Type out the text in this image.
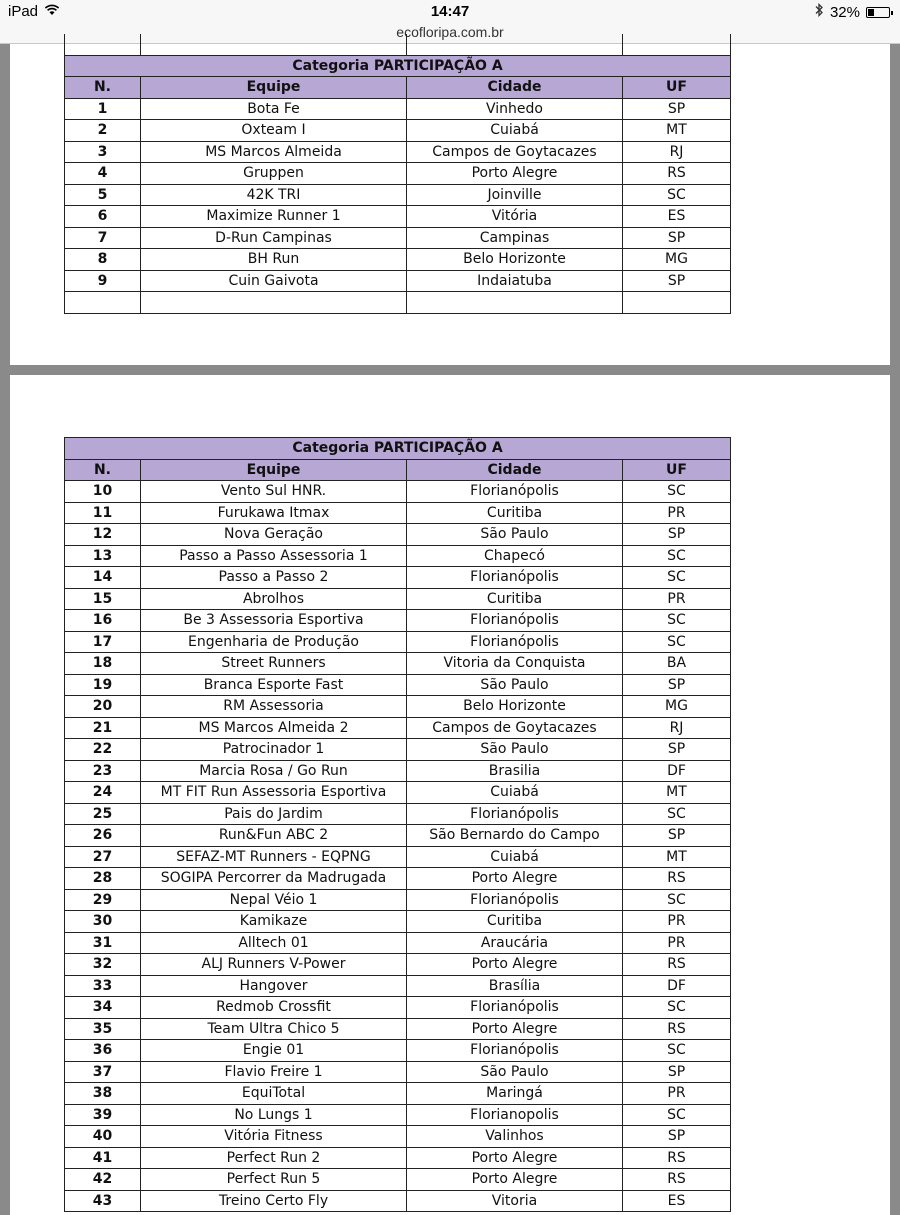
iPad	14:47	32%
ecofloripa.com.br

Categoria PARTICIPAÇÃO A			
N.	Equipe	Cidade	UF
1	Bota Fe	Vinhedo	SP
2	Oxteam I	Cuiabá	MT
3	MS Marcos Almeida	Campos de Goytacazes	RJ
4	Gruppen	Porto Alegre	RS
5	42K TRI	Joinville	SC
6	Maximize Runner 1	Vitória	ES
7	D-Run Campinas	Campinas	SP
8	BH Run	Belo Horizonte	MG
9	Cuin Gaivota	Indaiatuba	SP

Categoria PARTICIPAÇÃO A			
N.	Equipe	Cidade	UF
10	Vento Sul HNR.	Florianópolis	SC
11	Furukawa Itmax	Curitiba	PR
12	Nova Geração	São Paulo	SP
13	Passo a Passo Assessoria 1	Chapecó	SC
14	Passo a Passo 2	Florianópolis	SC
15	Abrolhos	Curitiba	PR
16	Be 3 Assessoria Esportiva	Florianópolis	SC
17	Engenharia de Produção	Florianópolis	SC
18	Street Runners	Vitoria da Conquista	BA
19	Branca Esporte Fast	São Paulo	SP
20	RM Assessoria	Belo Horizonte	MG
21	MS Marcos Almeida 2	Campos de Goytacazes	RJ
22	Patrocinador 1	São Paulo	SP
23	Marcia Rosa / Go Run	Brasilia	DF
24	MT FIT Run Assessoria Esportiva	Cuiabá	MT
25	Pais do Jardim	Florianópolis	SC
26	Run&Fun ABC 2	São Bernardo do Campo	SP
27	SEFAZ-MT Runners - EQPNG	Cuiabá	MT
28	SOGIPA Percorrer da Madrugada	Porto Alegre	RS
29	Nepal Véio 1	Florianópolis	SC
30	Kamikaze	Curitiba	PR
31	Alltech 01	Araucária	PR
32	ALJ Runners V-Power	Porto Alegre	RS
33	Hangover	Brasília	DF
34	Redmob Crossfit	Florianópolis	SC
35	Team Ultra Chico 5	Porto Alegre	RS
36	Engie 01	Florianópolis	SC
37	Flavio Freire 1	São Paulo	SP
38	EquiTotal	Maringá	PR
39	No Lungs 1	Florianopolis	SC
40	Vitória Fitness	Valinhos	SP
41	Perfect Run 2	Porto Alegre	RS
42	Perfect Run 5	Porto Alegre	RS
43	Treino Certo Fly	Vitoria	ES
